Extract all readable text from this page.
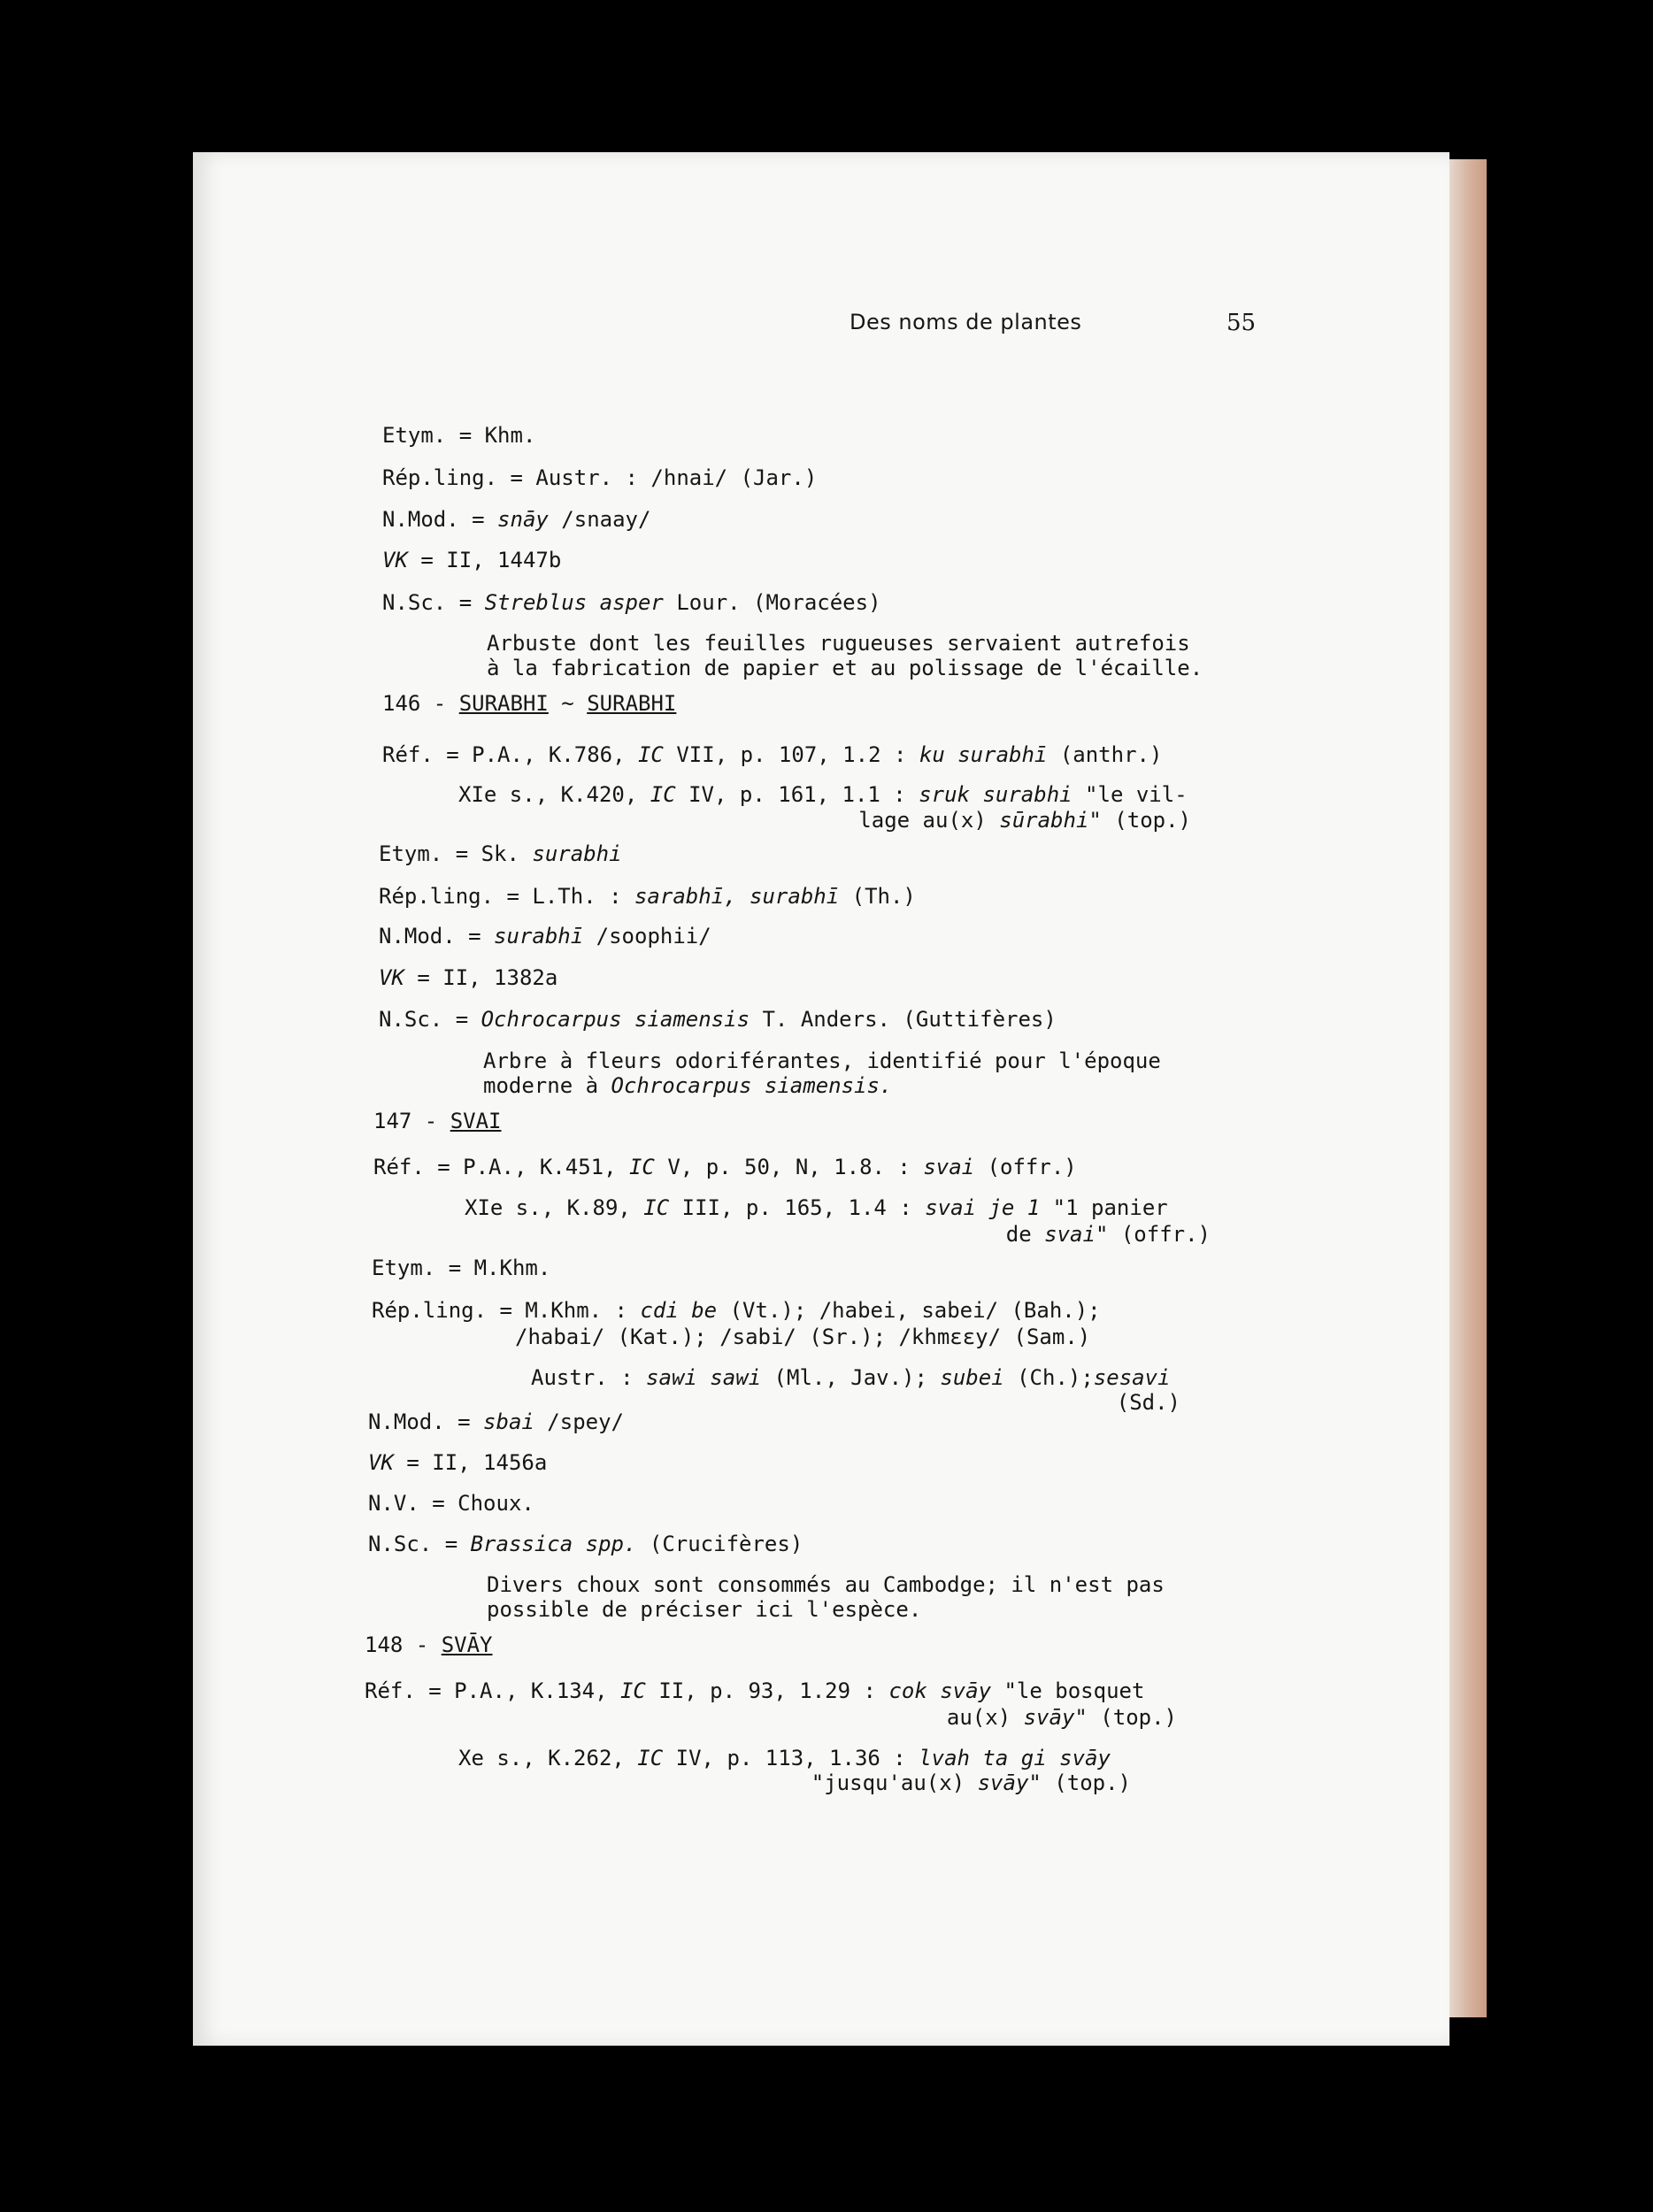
Des noms de plantes	55
Etym. = Khm.
Rép.ling. = Austr. : /hnai/ (Jar.)
N.Mod. = snāy /snaay/
VK = II, 1447b
N.Sc. = Streblus asper Lour. (Moracées)
Arbuste dont les feuilles rugueuses servaient autrefois
à la fabrication de papier et au polissage de l'écaille.
146 - SURABHI ~ SURABHI
Réf. = P.A., K.786, IC VII, p. 107, 1.2 : ku surabhī (anthr.)
XIe s., K.420, IC IV, p. 161, 1.1 : sruk surabhi "le vil-
lage au(x) sūrabhi" (top.)
Etym. = Sk. surabhi
Rép.ling. = L.Th. : sarabhī, surabhī (Th.)
N.Mod. = surabhī /soophii/
VK = II, 1382a
N.Sc. = Ochrocarpus siamensis T. Anders. (Guttifères)
Arbre à fleurs odoriférantes, identifié pour l'époque
moderne à Ochrocarpus siamensis.
147 - SVAI
Réf. = P.A., K.451, IC V, p. 50, N, 1.8. : svai (offr.)
XIe s., K.89, IC III, p. 165, 1.4 : svai je 1 "1 panier
de svai" (offr.)
Etym. = M.Khm.
Rép.ling. = M.Khm. : cdi be (Vt.); /habei, sabei/ (Bah.);
/habai/ (Kat.); /sabi/ (Sr.); /khmɛɛy/ (Sam.)
Austr. : sawi sawi (Ml., Jav.); subei (Ch.);sesavi
(Sd.)
N.Mod. = sbai /spey/
VK = II, 1456a
N.V. = Choux.
N.Sc. = Brassica spp. (Crucifères)
Divers choux sont consommés au Cambodge; il n'est pas
possible de préciser ici l'espèce.
148 - SVĀY
Réf. = P.A., K.134, IC II, p. 93, 1.29 : cok svāy "le bosquet
au(x) svāy" (top.)
Xe s., K.262, IC IV, p. 113, 1.36 : lvah ta gi svāy
"jusqu'au(x) svāy" (top.)
